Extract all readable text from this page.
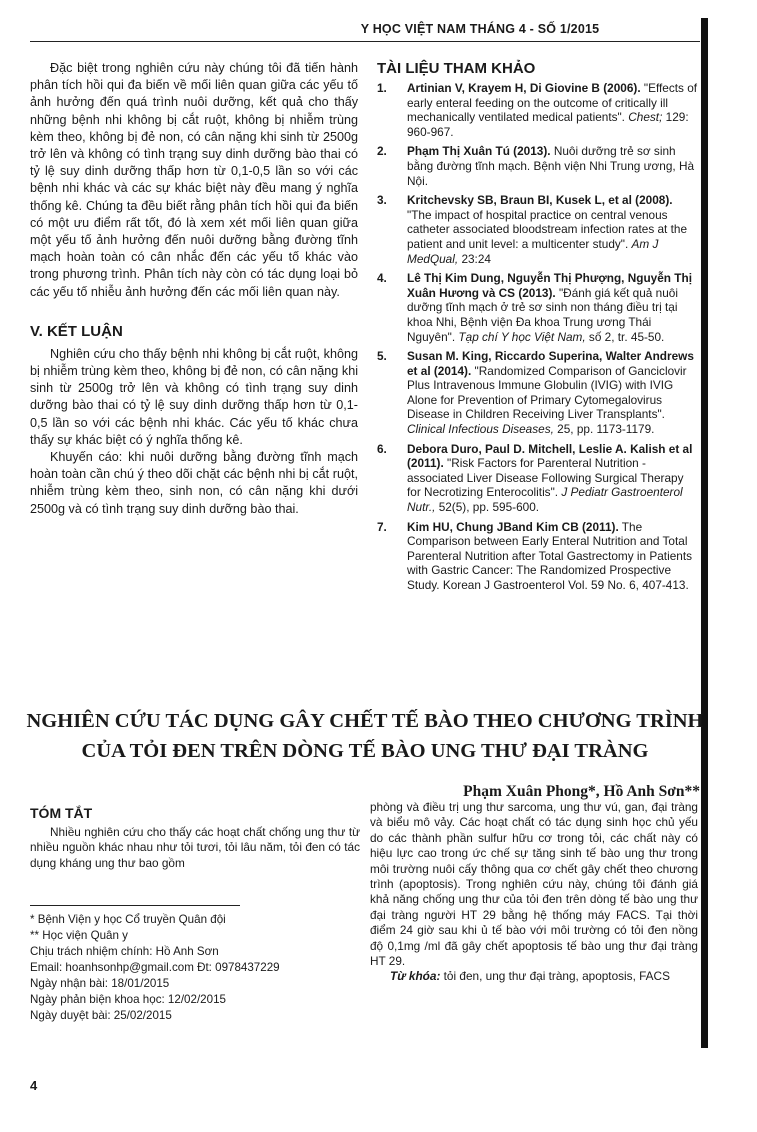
Y HỌC VIỆT NAM THÁNG 4 - SỐ 1/2015

Đặc biệt trong nghiên cứu này chúng tôi đã tiến hành phân tích hồi qui đa biến về mối liên quan giữa các yếu tố ảnh hưởng đến quá trình nuôi dưỡng, kết quả cho thấy những bệnh nhi không bị cắt ruột, không bị nhiễm trùng kèm theo, không bị đẻ non, có cân nặng khi sinh từ 2500g trở lên và không có tình trạng suy dinh dưỡng bào thai có tỷ lệ suy dinh dưỡng thấp hơn từ 0,1-0,5 lần so với các bệnh nhi khác và các sự khác biệt này đều mang ý nghĩa thống kê. Chúng ta đều biết rằng phân tích hồi qui đa biến có một ưu điểm rất tốt, đó là xem xét mối liên quan giữa một yếu tố ảnh hưởng đến nuôi dưỡng bằng đường tĩnh mạch hoàn toàn có cân nhắc đến các yếu tố khác vào trong phương trình. Phân tích này còn có tác dụng loại bỏ các yếu tố nhiễu ảnh hưởng đến các mối liên quan này.

V. KẾT LUẬN

Nghiên cứu cho thấy bệnh nhi không bị cắt ruột, không bị nhiễm trùng kèm theo, không bị đẻ non, có cân nặng khi sinh từ 2500g trở lên và không có tình trạng suy dinh dưỡng bào thai có tỷ lệ suy dinh dưỡng thấp hơn từ 0,1-0,5 lần so với các bệnh nhi khác. Các yếu tố khác chưa thấy sự khác biệt có ý nghĩa thống kê.

Khuyến cáo: khi nuôi dưỡng bằng đường tĩnh mạch hoàn toàn cần chú ý theo dõi chặt các bệnh nhi bị cắt ruột, nhiễm trùng kèm theo, sinh non, có cân nặng khi dưới 2500g và có tình trạng suy dinh dưỡng bào thai.

TÀI LIỆU THAM KHẢO
1. Artinian V, Krayem H, Di Giovine B (2006). "Effects of early enteral feeding on the outcome of critically ill mechanically ventilated medical patients". Chest; 129: 960-967.
2. Phạm Thị Xuân Tú (2013). Nuôi dưỡng trẻ sơ sinh bằng đường tĩnh mạch. Bệnh viện Nhi Trung ương, Hà Nội.
3. Kritchevsky SB, Braun BI, Kusek L, et al (2008). "The impact of hospital practice on central venous catheter associated bloodstream infection rates at the patient and unit level: a multicenter study". Am J MedQual, 23:24
4. Lê Thị Kim Dung, Nguyễn Thị Phượng, Nguyễn Thị Xuân Hương và CS (2013). "Đánh giá kết quả nuôi dưỡng tĩnh mạch ở trẻ sơ sinh non tháng điều trị tại khoa Nhi, Bệnh viện Đa khoa Trung ương Thái Nguyên". Tạp chí Y học Việt Nam, số 2, tr. 45-50.
5. Susan M. King, Riccardo Superina, Walter Andrews et al (2014). "Randomized Comparison of Ganciclovir Plus Intravenous Immune Globulin (IVIG) with IVIG Alone for Prevention of Primary Cytomegalovirus Disease in Children Receiving Liver Transplants". Clinical Infectious Diseases, 25, pp. 1173-1179.
6. Debora Duro, Paul D. Mitchell, Leslie A. Kalish et al (2011). "Risk Factors for Parenteral Nutrition - associated Liver Disease Following Surgical Therapy for Necrotizing Enterocolitis". J Pediatr Gastroenterol Nutr., 52(5), pp. 595-600.
7. Kim HU, Chung JBand Kim CB (2011). The Comparison between Early Enteral Nutrition and Total Parenteral Nutrition after Total Gastrectomy in Patients with Gastric Cancer: The Randomized Prospective Study. Korean J Gastroenterol Vol. 59 No. 6, 407-413.
NGHIÊN CỨU TÁC DỤNG GÂY CHẾT TẾ BÀO THEO CHƯƠNG TRÌNH
CỦA TỎI ĐEN TRÊN DÒNG TẾ BÀO UNG THƯ ĐẠI TRÀNG
Phạm Xuân Phong*, Hồ Anh Sơn**
TÓM TẮT

Nhiều nghiên cứu cho thấy các hoạt chất chống ung thư từ nhiều nguồn khác nhau như tỏi tươi, tỏi lâu năm, tỏi đen có tác dụng kháng ung thư bao gồm

phòng và điều trị ung thư sarcoma, ung thư vú, gan, đại tràng và biểu mô vảy. Các hoạt chất có tác dụng sinh học chủ yếu do các thành phần sulfur hữu cơ trong tỏi, các chất này có hiệu lực cao trong ức chế sự tăng sinh tế bào ung thư trong môi trường nuôi cấy thông qua cơ chết gây chết theo chương trình (apoptosis). Trong nghiên cứu này, chúng tôi đánh giá khả năng chống ung thư của tỏi đen trên dòng tế bào ung thư đại tràng người HT 29 bằng hệ thống máy FACS. Tại thời điểm 24 giờ sau khi ủ tế bào với môi trường có tỏi đen nồng độ 0,1mg /ml đã gây chết apoptosis tế bào ung thư đại tràng HT 29.

Từ khóa: tỏi đen, ung thư đại tràng, apoptosis, FACS

* Bệnh Viện y học Cổ truyền Quân đội
** Học viện Quân y
Chịu trách nhiệm chính: Hồ Anh Sơn
Email: hoanhsonhp@gmail.com Đt: 0978437229
Ngày nhận bài: 18/01/2015
Ngày phản biện khoa học: 12/02/2015
Ngày duyệt bài: 25/02/2015
4
